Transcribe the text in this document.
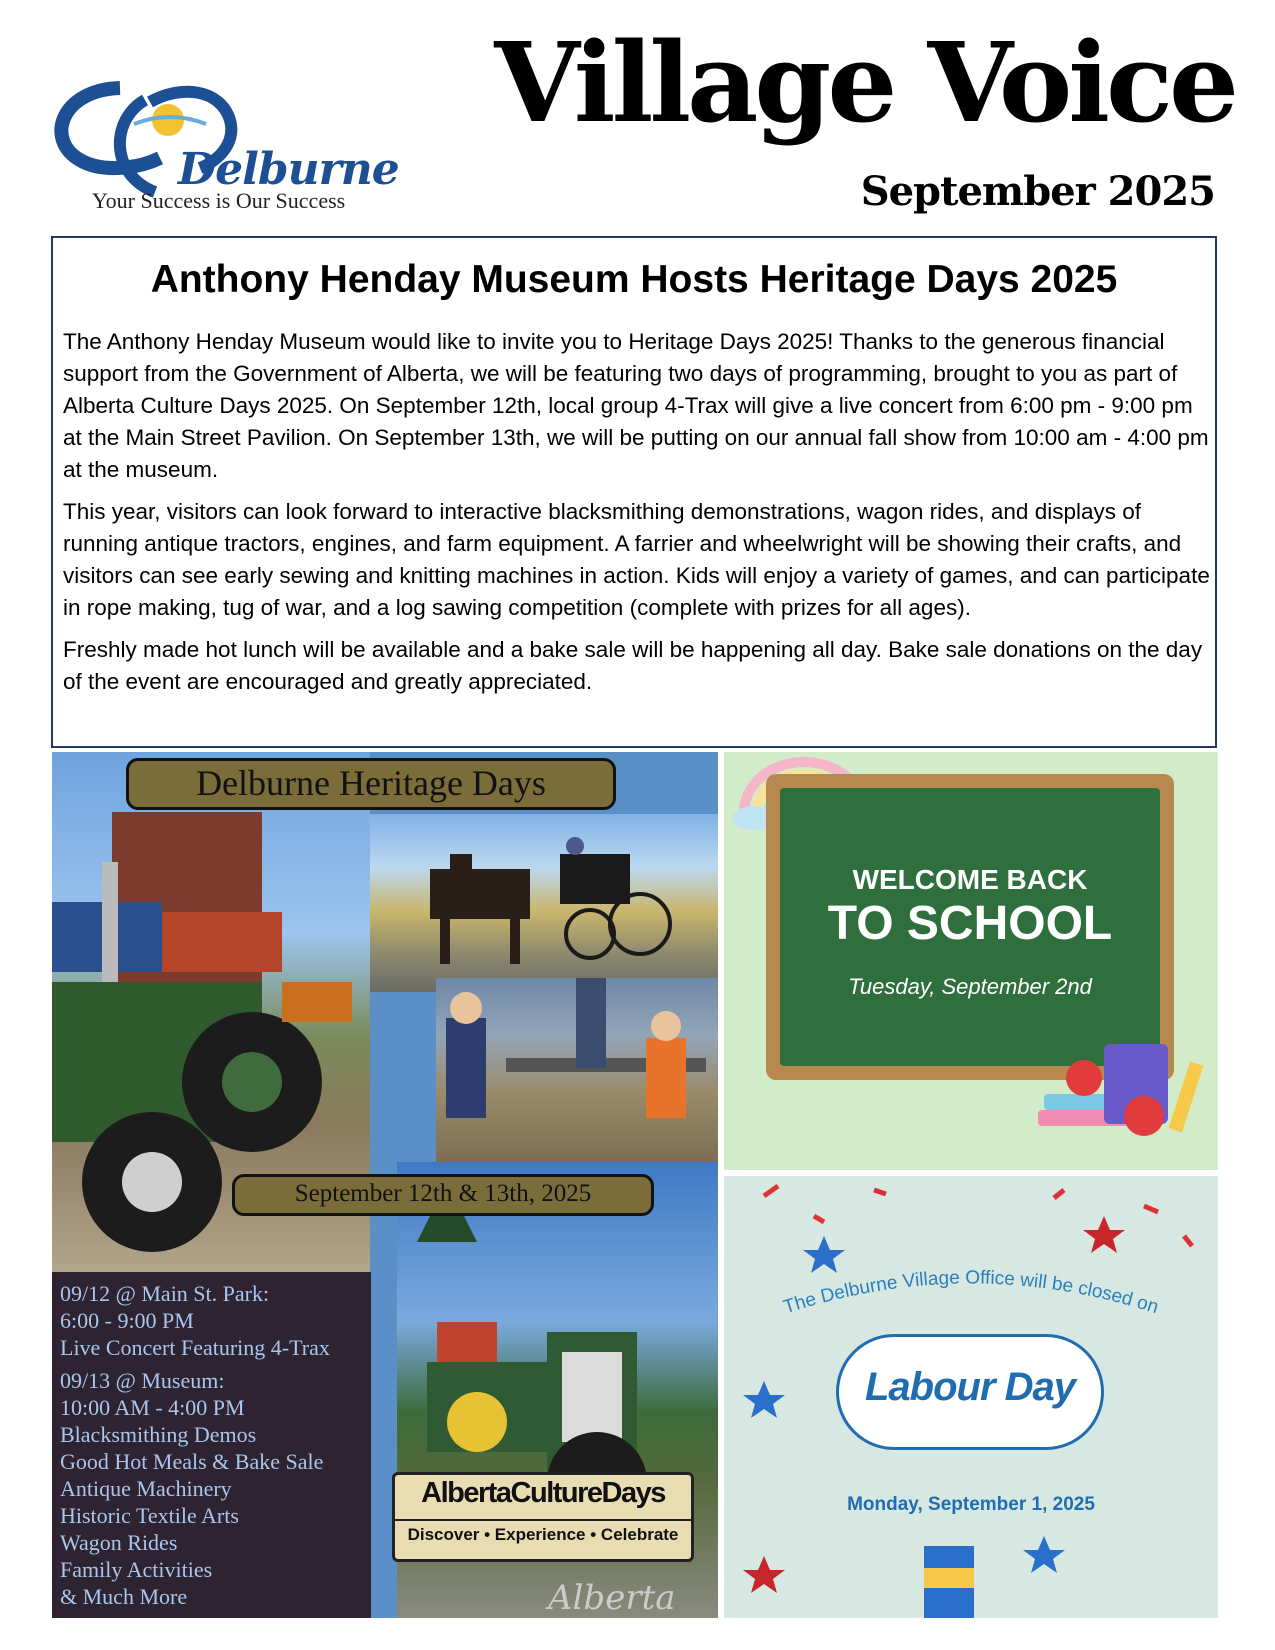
Delburne
Your Success is Our Success
Village Voice
September 2025
Anthony Henday Museum Hosts Heritage Days 2025

The Anthony Henday Museum would like to invite you to Heritage Days 2025! Thanks to the generous financial support from the Government of Alberta, we will be featuring two days of programming, brought to you as part of Alberta Culture Days 2025. On September 12th, local group 4-Trax will give a live concert from 6:00 pm - 9:00 pm at the Main Street Pavilion. On September 13th, we will be putting on our annual fall show from 10:00 am - 4:00 pm at the museum.

This year, visitors can look forward to interactive blacksmithing demonstrations, wagon rides, and displays of running antique tractors, engines, and farm equipment. A farrier and wheelwright will be showing their crafts, and visitors can see early sewing and knitting machines in action. Kids will enjoy a variety of games, and can participate in rope making, tug of war, and a log sawing competition (complete with prizes for all ages).

Freshly made hot lunch will be available and a bake sale will be happening all day. Bake sale donations on the day of the event are encouraged and greatly appreciated.

Delburne Heritage Days
September 12th & 13th, 2025
09/12 @ Main St. Park:
6:00 - 9:00 PM
Live Concert Featuring 4-Trax
09/13 @ Museum:
10:00 AM - 4:00 PM
Blacksmithing Demos
Good Hot Meals & Bake Sale
Antique Machinery
Historic Textile Arts
Wagon Rides
Family Activities
& Much More
AlbertaCultureDays
Discover • Experience • Celebrate
Alberta
WELCOME BACK
TO SCHOOL
Tuesday, September 2nd
The Delburne Village Office will be closed on
Labour Day
Monday, September 1, 2025
